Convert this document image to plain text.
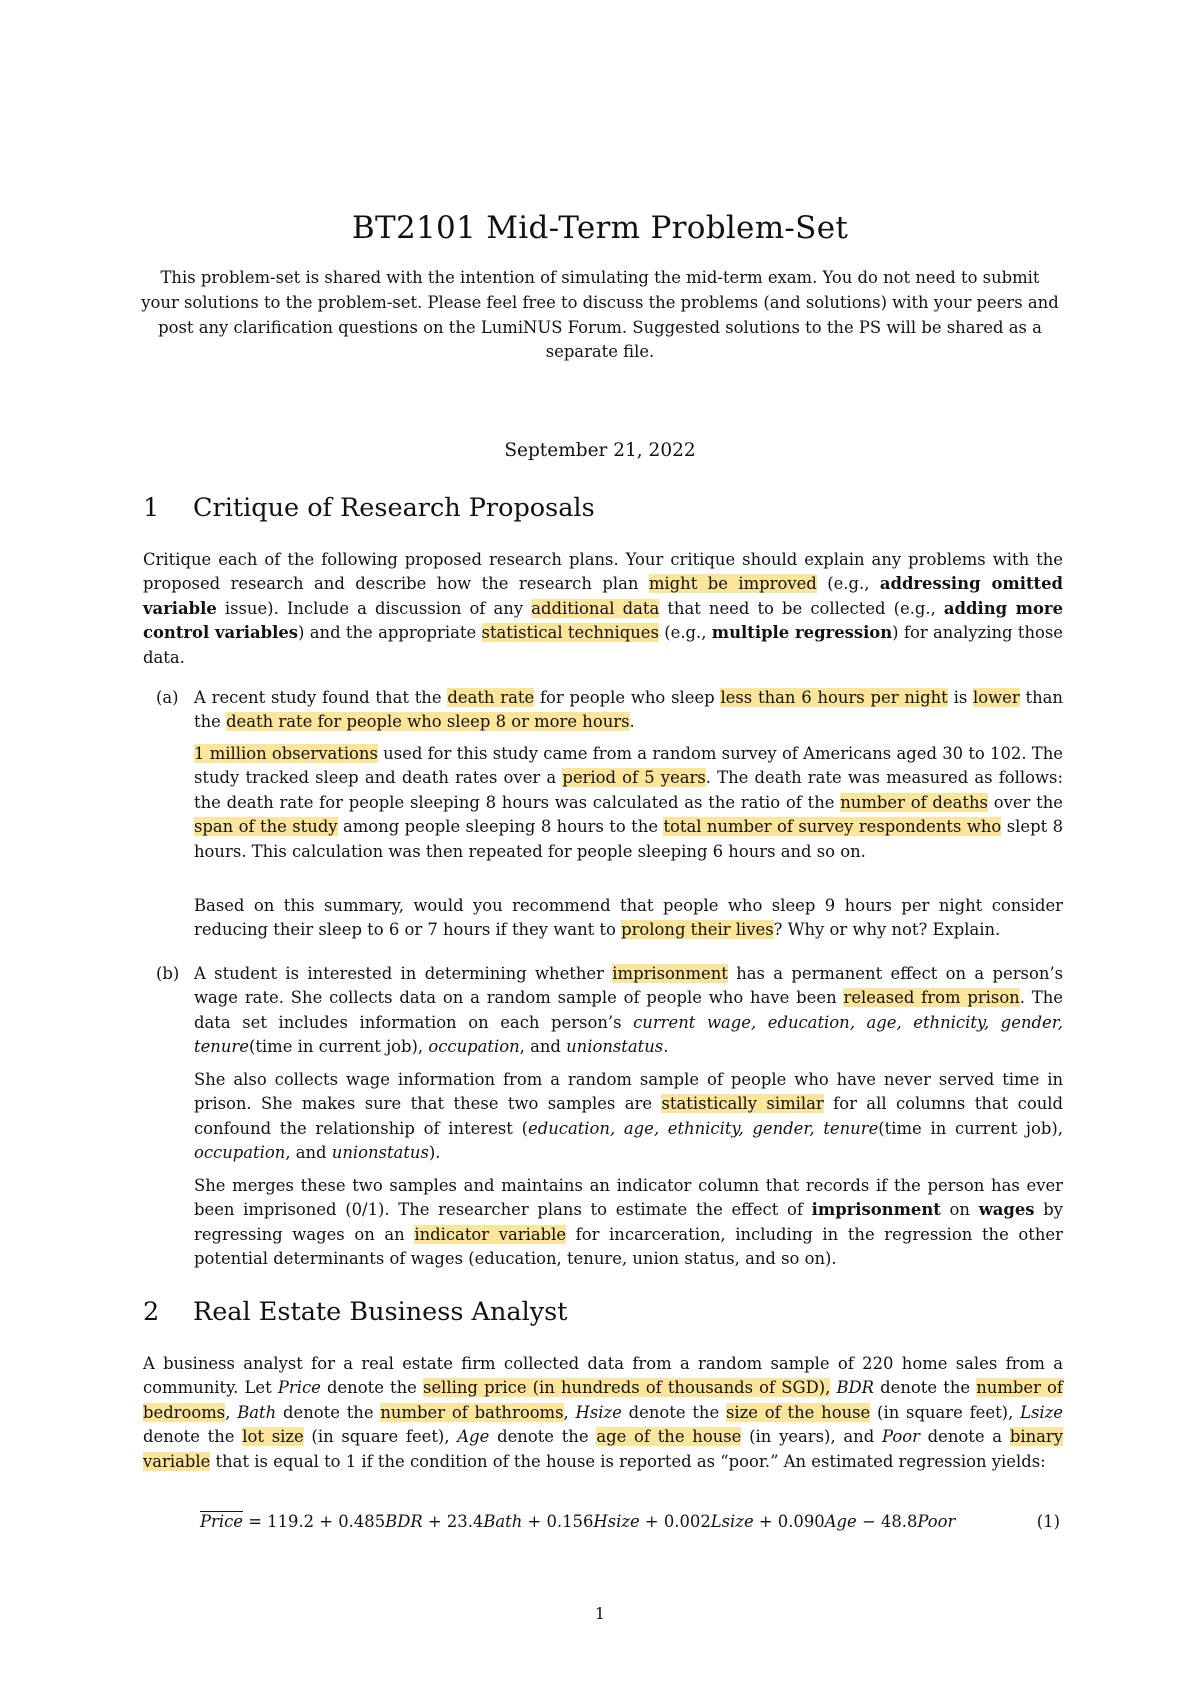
BT2101 Mid-Term Problem-Set
This problem-set is shared with the intention of simulating the mid-term exam. You do not need to submit your solutions to the problem-set. Please feel free to discuss the problems (and solutions) with your peers and post any clarification questions on the LumiNUS Forum. Suggested solutions to the PS will be shared as a separate file.
September 21, 2022
1 Critique of Research Proposals
Critique each of the following proposed research plans. Your critique should explain any problems with the proposed research and describe how the research plan might be improved (e.g., addressing omitted variable issue). Include a discussion of any additional data that need to be collected (e.g., adding more control variables) and the appropriate statistical techniques (e.g., multiple regression) for analyzing those data.
(a) A recent study found that the death rate for people who sleep less than 6 hours per night is lower than the death rate for people who sleep 8 or more hours.
1 million observations used for this study came from a random survey of Americans aged 30 to 102. The study tracked sleep and death rates over a period of 5 years. The death rate was measured as follows: the death rate for people sleeping 8 hours was calculated as the ratio of the number of deaths over the span of the study among people sleeping 8 hours to the total number of survey respondents who slept 8 hours. This calculation was then repeated for people sleeping 6 hours and so on.
Based on this summary, would you recommend that people who sleep 9 hours per night consider reducing their sleep to 6 or 7 hours if they want to prolong their lives? Why or why not? Explain.
(b) A student is interested in determining whether imprisonment has a permanent effect on a person’s wage rate. She collects data on a random sample of people who have been released from prison. The data set includes information on each person’s current wage, education, age, ethnicity, gender, tenure(time in current job), occupation, and unionstatus.
She also collects wage information from a random sample of people who have never served time in prison. She makes sure that these two samples are statistically similar for all columns that could confound the relationship of interest (education, age, ethnicity, gender, tenure(time in current job), occupation, and unionstatus).
She merges these two samples and maintains an indicator column that records if the person has ever been imprisoned (0/1). The researcher plans to estimate the effect of imprisonment on wages by regressing wages on an indicator variable for incarceration, including in the regression the other potential determinants of wages (education, tenure, union status, and so on).
2 Real Estate Business Analyst
A business analyst for a real estate firm collected data from a random sample of 220 home sales from a community. Let Price denote the selling price (in hundreds of thousands of SGD), BDR denote the number of bedrooms, Bath denote the number of bathrooms, Hsize denote the size of the house (in square feet), Lsize denote the lot size (in square feet), Age denote the age of the house (in years), and Poor denote a binary variable that is equal to 1 if the condition of the house is reported as “poor.” An estimated regression yields:
Price = 119.2 + 0.485BDR + 23.4Bath + 0.156Hsize + 0.002Lsize + 0.090Age − 48.8Poor	(1)
1
